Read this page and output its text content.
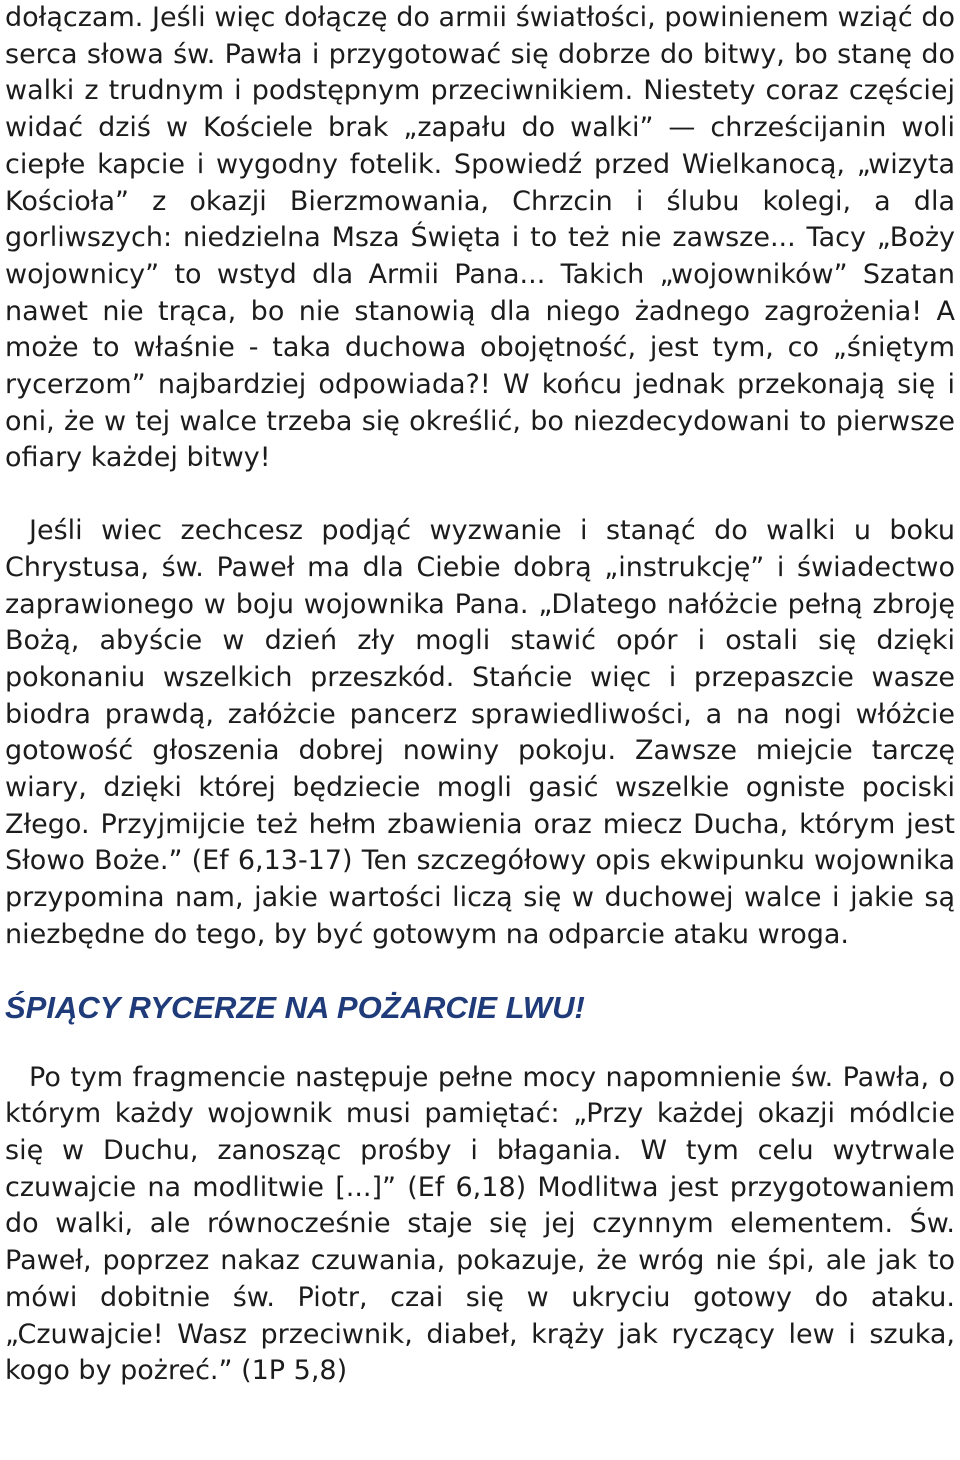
dołączam. Jeśli więc dołączę do armii światłości, powinienem wziąć do serca słowa św. Pawła i przygotować się dobrze do bitwy, bo stanę do walki z trudnym i podstępnym przeciwnikiem. Niestety coraz częściej widać dziś w Kościele brak „zapału do walki” — chrześcijanin woli ciepłe kapcie i wygodny fotelik. Spowiedź przed Wielkanocą, „wizyta Kościoła” z okazji Bierzmowania, Chrzcin i ślubu kolegi, a dla gorliwszych: niedzielna Msza Święta i to też nie zawsze... Tacy „Boży wojownicy” to wstyd dla Armii Pana... Takich „wojowników” Szatan nawet nie trąca, bo nie stanowią dla niego żadnego zagrożenia! A może to właśnie - taka duchowa obojętność, jest tym, co „śniętym rycerzom” najbardziej odpowiada?! W końcu jednak przekonają się i oni, że w tej walce trzeba się określić, bo niezdecydowani to pierwsze ofiary każdej bitwy!

Jeśli wiec zechcesz podjąć wyzwanie i stanąć do walki u boku Chrystusa, św. Paweł ma dla Ciebie dobrą „instrukcję” i świadectwo zaprawionego w boju wojownika Pana. „Dlatego nałóżcie pełną zbroję Bożą, abyście w dzień zły mogli stawić opór i ostali się dzięki pokonaniu wszelkich przeszkód. Stańcie więc i przepaszcie wasze biodra prawdą, załóżcie pancerz sprawiedliwości, a na nogi włóżcie gotowość głoszenia dobrej nowiny pokoju. Zawsze miejcie tarczę wiary, dzięki której będziecie mogli gasić wszelkie ogniste pociski Złego. Przyjmijcie też hełm zbawienia oraz miecz Ducha, którym jest Słowo Boże.” (Ef 6,13-17) Ten szczegółowy opis ekwipunku wojownika przypomina nam, jakie wartości liczą się w duchowej walce i jakie są niezbędne do tego, by być gotowym na odparcie ataku wroga.

ŚPIĄCY RYCERZE NA POŻARCIE LWU!

Po tym fragmencie następuje pełne mocy napomnienie św. Pawła, o którym każdy wojownik musi pamiętać: „Przy każdej okazji módlcie się w Duchu, zanosząc prośby i błagania. W tym celu wytrwale czuwajcie na modlitwie [...]” (Ef 6,18) Modlitwa jest przygotowaniem do walki, ale równocześnie staje się jej czynnym elementem. Św. Paweł, poprzez nakaz czuwania, pokazuje, że wróg nie śpi, ale jak to mówi dobitnie św. Piotr, czai się w ukryciu gotowy do ataku. „Czuwajcie! Wasz przeciwnik, diabeł, krąży jak ryczący lew i szuka, kogo by pożreć.” (1P 5,8)
